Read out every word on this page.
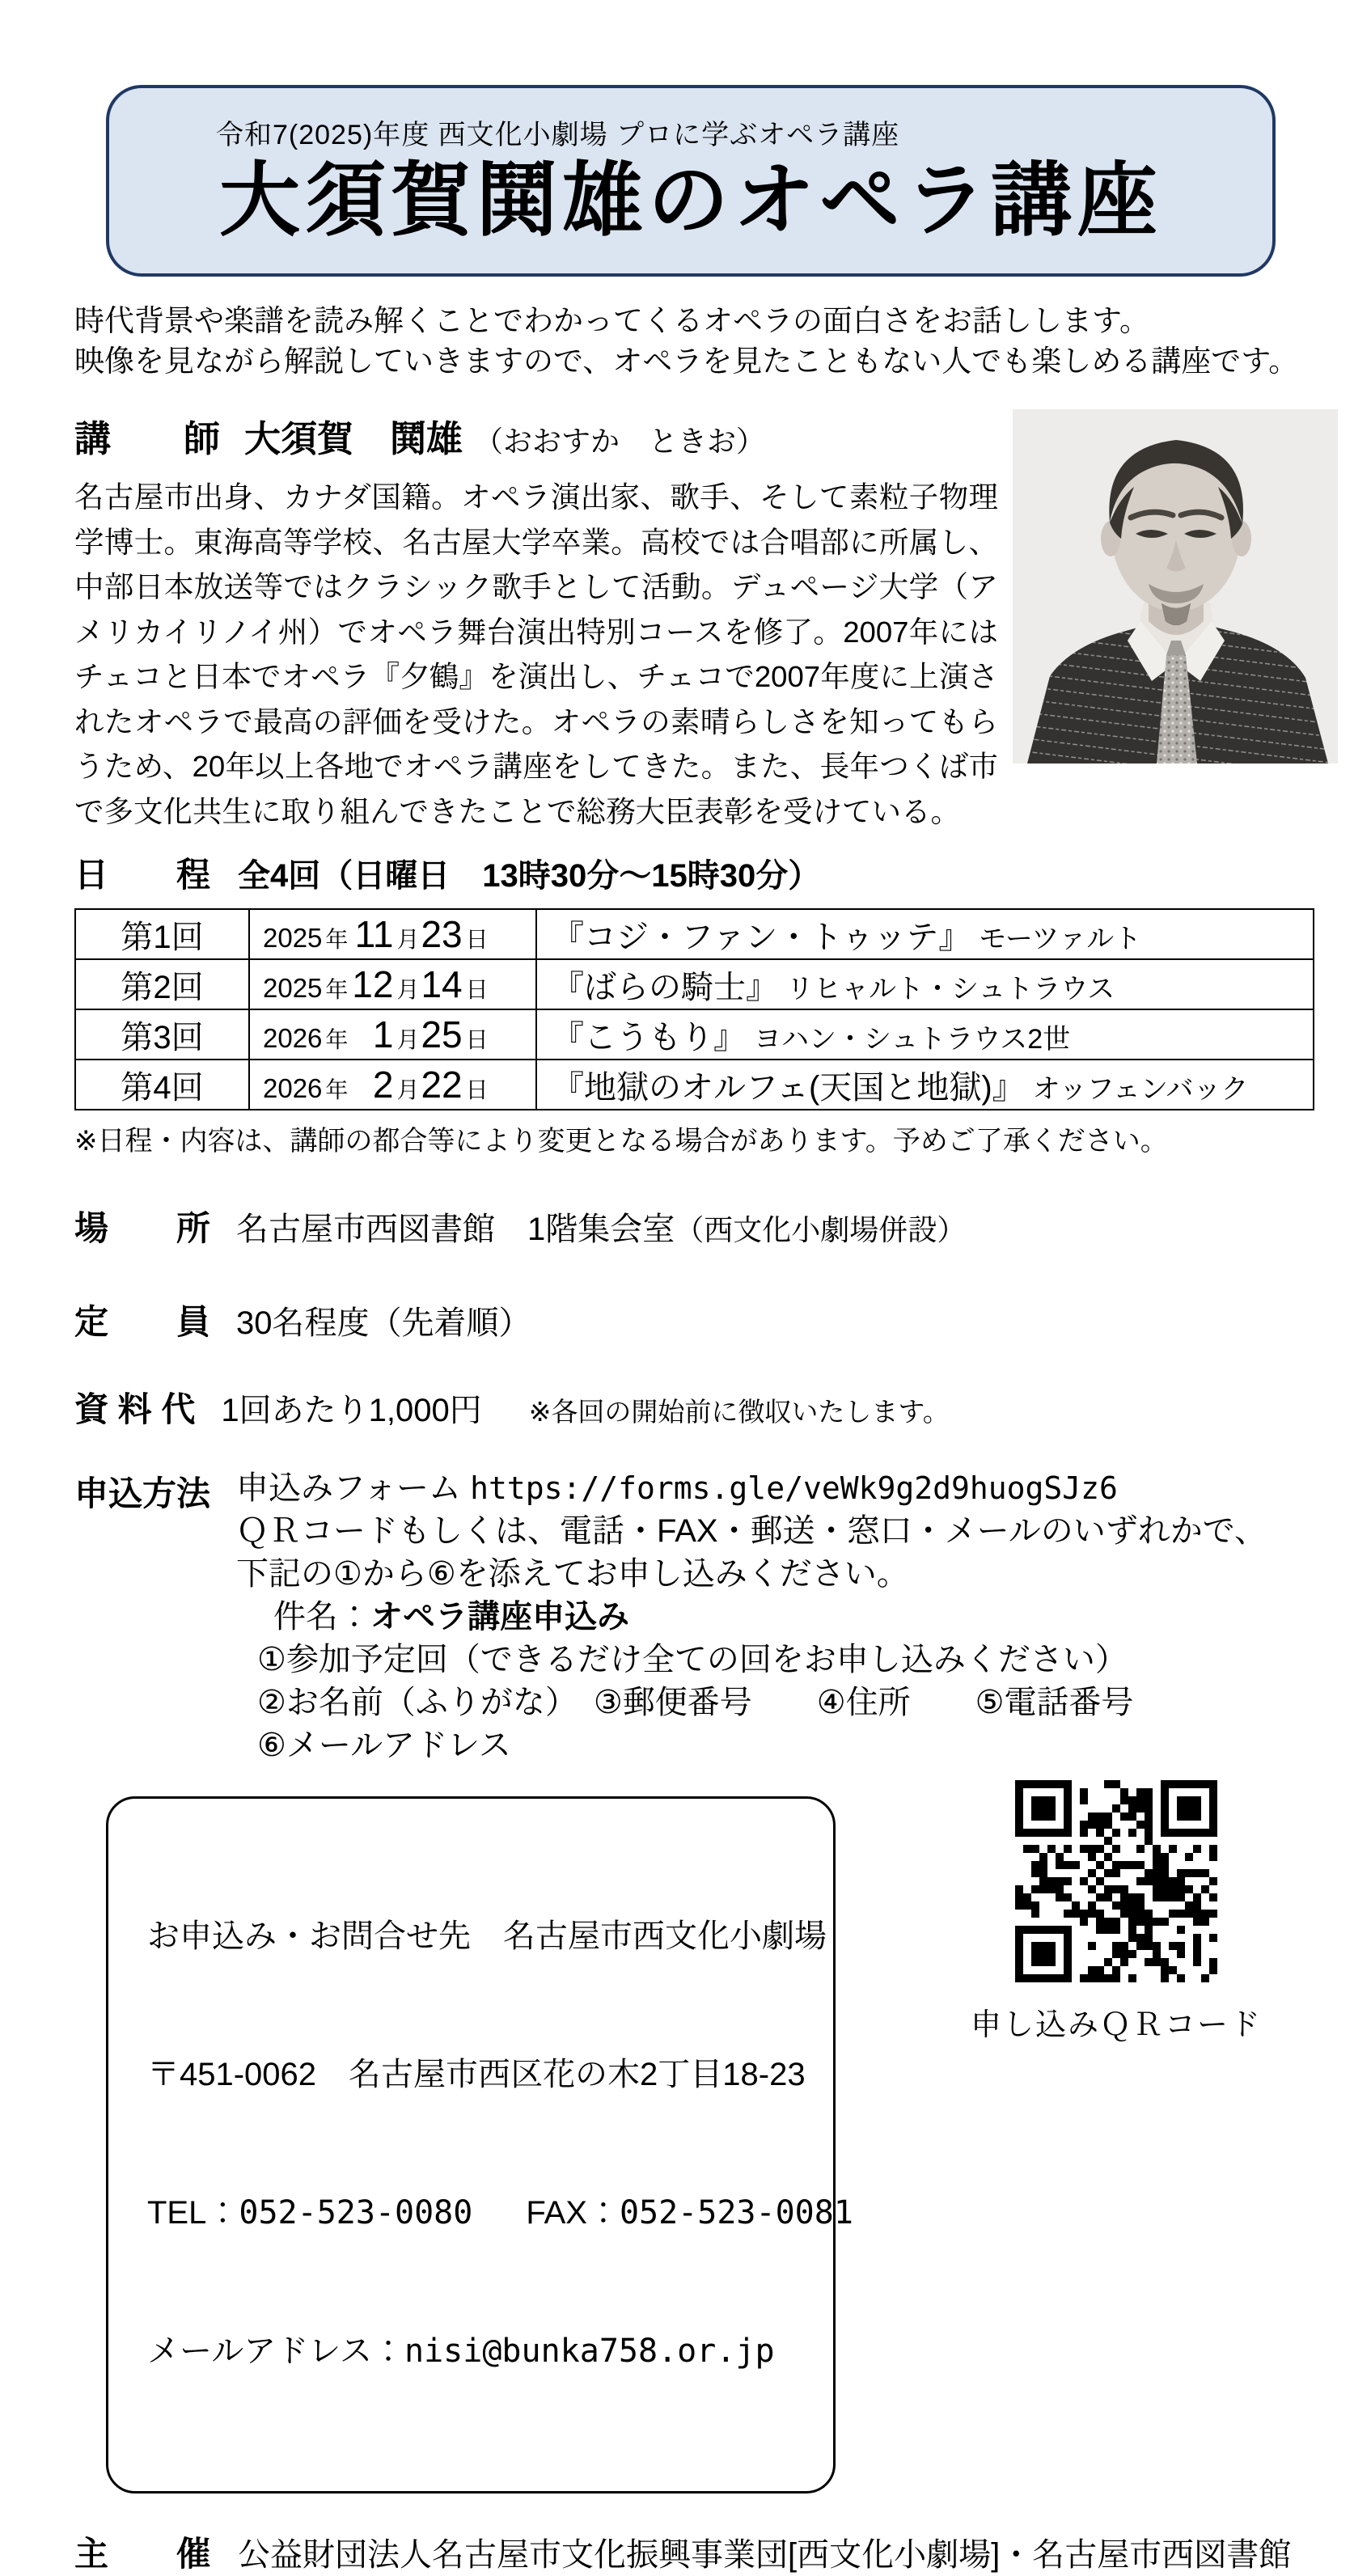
令和7(2025)年度 西文化小劇場 プロに学ぶオペラ講座
大須賀鬨雄のオペラ講座
時代背景や楽譜を読み解くことでわかってくるオペラの面白さをお話しします。
映像を見ながら解説していきますので、オペラを見たこともない人でも楽しめる講座です。
講　　師 大須賀　鬨雄 （おおすか　ときお）
名古屋市出身、カナダ国籍。オペラ演出家、歌手、そして素粒子物理学博士。東海高等学校、名古屋大学卒業。高校では合唱部に所属し、中部日本放送等ではクラシック歌手として活動。デュページ大学（アメリカイリノイ州）でオペラ舞台演出特別コースを修了。2007年にはチェコと日本でオペラ『夕鶴』を演出し、チェコで2007年度に上演されたオペラで最高の評価を受けた。オペラの素晴らしさを知ってもらうため、20年以上各地でオペラ講座をしてきた。また、長年つくば市で多文化共生に取り組んできたことで総務大臣表彰を受けている。
日　　程 全4回（日曜日　13時30分～15時30分）
第1回	2025 年 11 月23 日	『コジ・ファン・トゥッテ』 モーツァルト
第2回	2025 年 12 月14 日	『ばらの騎士』 リヒャルト・シュトラウス
第3回	2026 年 1 月25 日	『こうもり』 ヨハン・シュトラウス2世
第4回	2026 年 2 月22 日	『地獄のオルフェ(天国と地獄)』 オッフェンバック
※日程・内容は、講師の都合等により変更となる場合があります。予めご了承ください。
場　　所 名古屋市西図書館　1階集会室（西文化小劇場併設）
定　　員 30名程度（先着順）
資 料 代 1回あたり1,000円 ※各回の開始前に徴収いたします。
申込方法 申込みフォーム https://forms.gle/veWk9g2d9huogSJz6
ＱＲコードもしくは、電話・FAX・郵送・窓口・メールのいずれかで、
下記の①から⑥を添えてお申し込みください。
件名：オペラ講座申込み
①参加予定回（できるだけ全ての回をお申し込みください）
②お名前（ふりがな）　③郵便番号　　④住所　　⑤電話番号
⑥メールアドレス

お申込み・お問合せ先　名古屋市西文化小劇場

〒451-0062　名古屋市西区花の木2丁目18-23

TEL：052-523-0080 FAX：052-523-0081

メールアドレス：nisi@bunka758.or.jp

申し込みＱＲコード
主　　催 公益財団法人名古屋市文化振興事業団[西文化小劇場]・名古屋市西図書館
